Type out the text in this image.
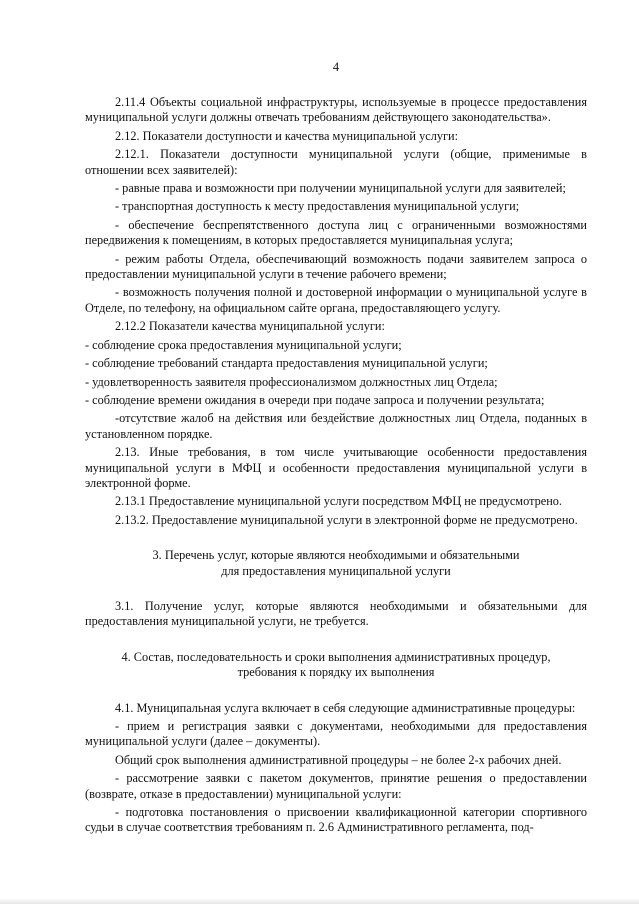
4

2.11.4 Объекты социальной инфраструктуры, используемые в процессе предоставления муниципальной услуги должны отвечать требованиям действующего законодательства».

2.12. Показатели доступности и качества муниципальной услуги:

2.12.1. Показатели доступности муниципальной услуги (общие, применимые в отношении всех заявителей):

- равные права и возможности при получении муниципальной услуги для заявителей;

- транспортная доступность к месту предоставления муниципальной услуги;

- обеспечение беспрепятственного доступа лиц с ограниченными возможностями передвижения к помещениям, в которых предоставляется муниципальная услуга;

- режим работы Отдела, обеспечивающий возможность подачи заявителем запроса о предоставлении муниципальной услуги в течение рабочего времени;

- возможность получения полной и достоверной информации о муниципальной услуге в Отделе, по телефону, на официальном сайте органа, предоставляющего услугу.

2.12.2 Показатели качества муниципальной услуги:

- соблюдение срока предоставления муниципальной услуги;

- соблюдение требований стандарта предоставления муниципальной услуги;

- удовлетворенность заявителя профессионализмом должностных лиц Отдела;

- соблюдение времени ожидания в очереди при подаче запроса и получении результата;

-отсутствие жалоб на действия или бездействие должностных лиц Отдела, поданных в установленном порядке.

2.13. Иные требования, в том числе учитывающие особенности предоставления муниципальной услуги в МФЦ и особенности предоставления муниципальной услуги в электронной форме.

2.13.1 Предоставление муниципальной услуги посредством МФЦ не предусмотрено.

2.13.2. Предоставление муниципальной услуги в электронной форме не предусмотрено.

3. Перечень услуг, которые являются необходимыми и обязательными

для предоставления муниципальной услуги

3.1. Получение услуг, которые являются необходимыми и обязательными для предоставления муниципальной услуги, не требуется.

4. Состав, последовательность и сроки выполнения административных процедур,

требования к порядку их выполнения

4.1. Муниципальная услуга включает в себя следующие административные процедуры:

- прием и регистрация заявки с документами, необходимыми для предоставления муниципальной услуги (далее – документы).

Общий срок выполнения административной процедуры – не более 2-х рабочих дней.

- рассмотрение заявки с пакетом документов, принятие решения о предоставлении (возврате, отказе в предоставлении) муниципальной услуги:

- подготовка постановления о присвоении квалификационной категории спортивного судьи в случае соответствия требованиям п. 2.6 Административного регламента, под-
